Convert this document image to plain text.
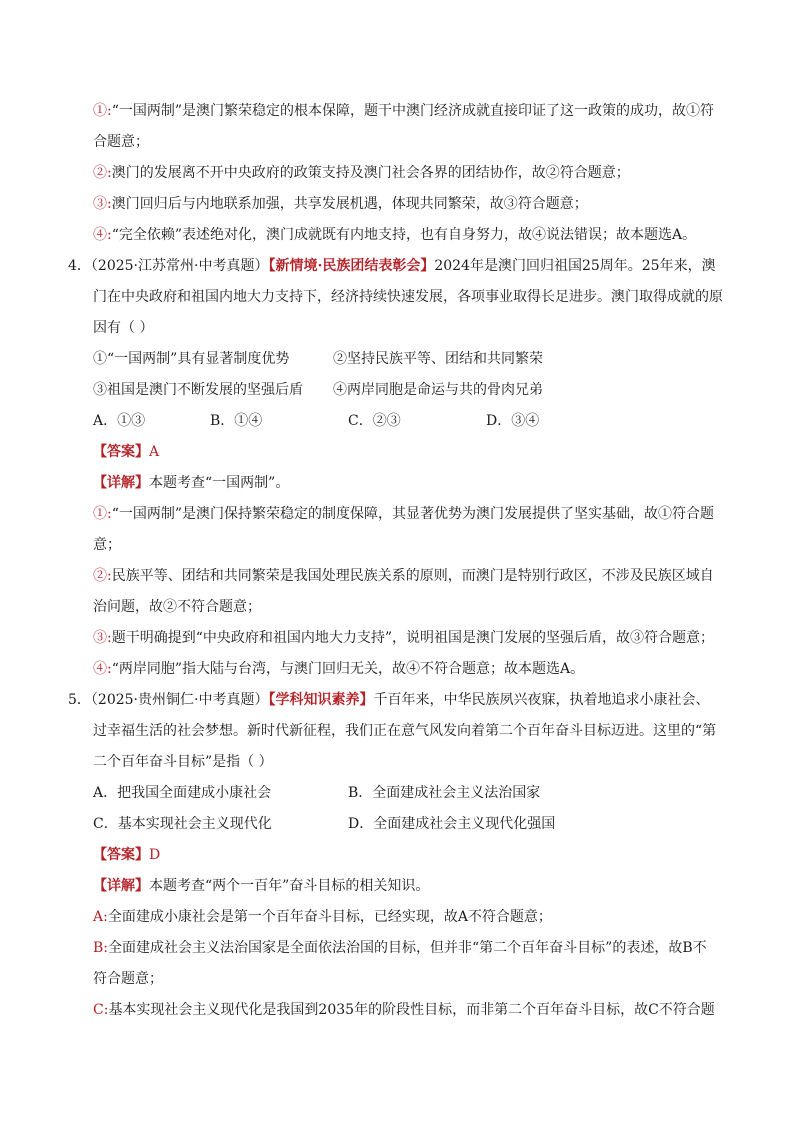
①:“一国两制”是澳门繁荣稳定的根本保障，题干中澳门经济成就直接印证了这一政策的成功，故①符
合题意；
②:澳门的发展离不开中央政府的政策支持及澳门社会各界的团结协作，故②符合题意；
③:澳门回归后与内地联系加强，共享发展机遇，体现共同繁荣，故③符合题意；
④:“完全依赖”表述绝对化，澳门成就既有内地支持，也有自身努力，故④说法错误；故本题选A。
4．（2025·江苏常州·中考真题）【新情境·民族团结表彰会】2024年是澳门回归祖国25周年。25年来，澳
门在中央政府和祖国内地大力支持下，经济持续快速发展，各项事业取得长足进步。澳门取得成就的原
因有（ ）
①“一国两制”具有显著制度优势	②坚持民族平等、团结和共同繁荣
③祖国是澳门不断发展的坚强后盾 ④两岸同胞是命运与共的骨肉兄弟
A．①③	B．①④	C．②③	D．③④
【答案】A
【详解】本题考查“一国两制”。
①:“一国两制”是澳门保持繁荣稳定的制度保障，其显著优势为澳门发展提供了坚实基础，故①符合题
意；
②:民族平等、团结和共同繁荣是我国处理民族关系的原则，而澳门是特别行政区，不涉及民族区域自
治问题，故②不符合题意；
③:题干明确提到“中央政府和祖国内地大力支持”，说明祖国是澳门发展的坚强后盾，故③符合题意；
④:“两岸同胞”指大陆与台湾，与澳门回归无关，故④不符合题意；故本题选A。
5．（2025·贵州铜仁·中考真题）【学科知识素养】千百年来，中华民族夙兴夜寐，执着地追求小康社会、
过幸福生活的社会梦想。新时代新征程，我们正在意气风发向着第二个百年奋斗目标迈进。这里的“第
二个百年奋斗目标”是指（ ）
A．把我国全面建成小康社会	B．全面建成社会主义法治国家
C．基本实现社会主义现代化	D．全面建成社会主义现代化强国
【答案】D
【详解】本题考查“两个一百年”奋斗目标的相关知识。
A:全面建成小康社会是第一个百年奋斗目标，已经实现，故A不符合题意；
B:全面建成社会主义法治国家是全面依法治国的目标，但并非“第二个百年奋斗目标”的表述，故B不
符合题意；
C:基本实现社会主义现代化是我国到2035年的阶段性目标，而非第二个百年奋斗目标，故C不符合题
